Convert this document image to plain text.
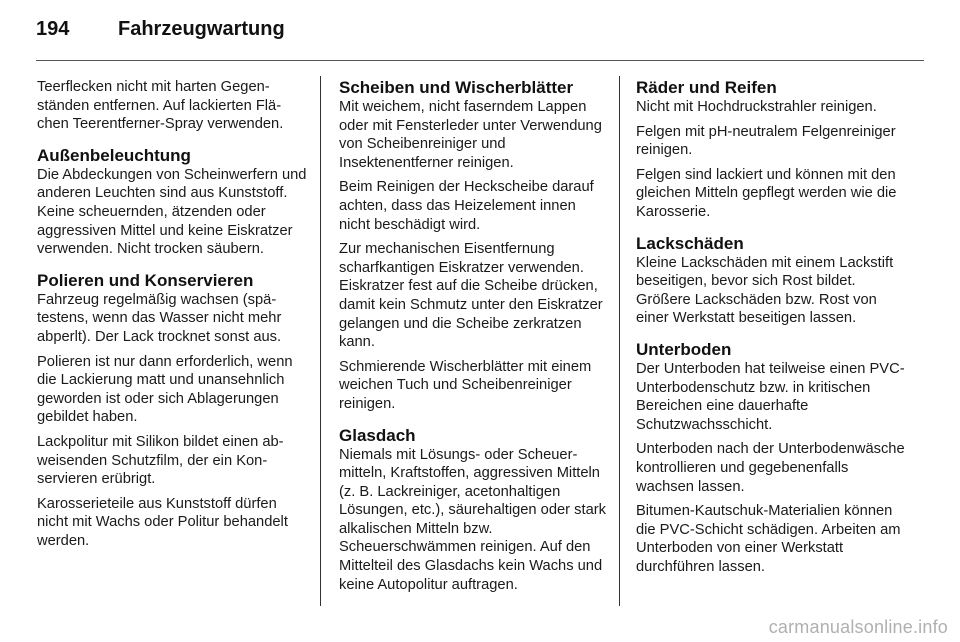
194	Fahrzeugwartung

Teerflecken nicht mit harten Gegenständen entfernen. Auf lackierten Flächen Teerentferner-Spray verwenden.

Außenbeleuchtung

Die Abdeckungen von Scheinwerfern und anderen Leuchten sind aus Kunststoff. Keine scheuernden, ätzenden oder aggressiven Mittel und keine Eiskratzer verwenden. Nicht trocken säubern.

Polieren und Konservieren

Fahrzeug regelmäßig wachsen (spätestens, wenn das Wasser nicht mehr abperlt). Der Lack trocknet sonst aus.

Polieren ist nur dann erforderlich, wenn die Lackierung matt und unansehnlich geworden ist oder sich Ablagerungen gebildet haben.

Lackpolitur mit Silikon bildet einen abweisenden Schutzfilm, der ein Konservieren erübrigt.

Karosserieteile aus Kunststoff dürfen nicht mit Wachs oder Politur behandelt werden.

Scheiben und Wischerblätter

Mit weichem, nicht faserndem Lappen oder mit Fensterleder unter Verwendung von Scheibenreiniger und Insektenentferner reinigen.

Beim Reinigen der Heckscheibe darauf achten, dass das Heizelement innen nicht beschädigt wird.

Zur mechanischen Eisentfernung scharfkantigen Eiskratzer verwenden. Eiskratzer fest auf die Scheibe drücken, damit kein Schmutz unter den Eiskratzer gelangen und die Scheibe zerkratzen kann.

Schmierende Wischerblätter mit einem weichen Tuch und Scheibenreiniger reinigen.

Glasdach

Niemals mit Lösungs- oder Scheuermitteln, Kraftstoffen, aggressiven Mitteln (z. B. Lackreiniger, acetonhaltigen Lösungen, etc.), säurehaltigen oder stark alkalischen Mitteln bzw. Scheuerschwämmen reinigen. Auf den Mittelteil des Glasdachs kein Wachs und keine Autopolitur auftragen.

Räder und Reifen

Nicht mit Hochdruckstrahler reinigen.

Felgen mit pH-neutralem Felgenreiniger reinigen.

Felgen sind lackiert und können mit den gleichen Mitteln gepflegt werden wie die Karosserie.

Lackschäden

Kleine Lackschäden mit einem Lackstift beseitigen, bevor sich Rost bildet. Größere Lackschäden bzw. Rost von einer Werkstatt beseitigen lassen.

Unterboden

Der Unterboden hat teilweise einen PVC-Unterbodenschutz bzw. in kritischen Bereichen eine dauerhafte Schutzwachsschicht.

Unterboden nach der Unterbodenwäsche kontrollieren und gegebenenfalls wachsen lassen.

Bitumen-Kautschuk-Materialien können die PVC-Schicht schädigen. Arbeiten am Unterboden von einer Werkstatt durchführen lassen.

carmanualsonline.info
